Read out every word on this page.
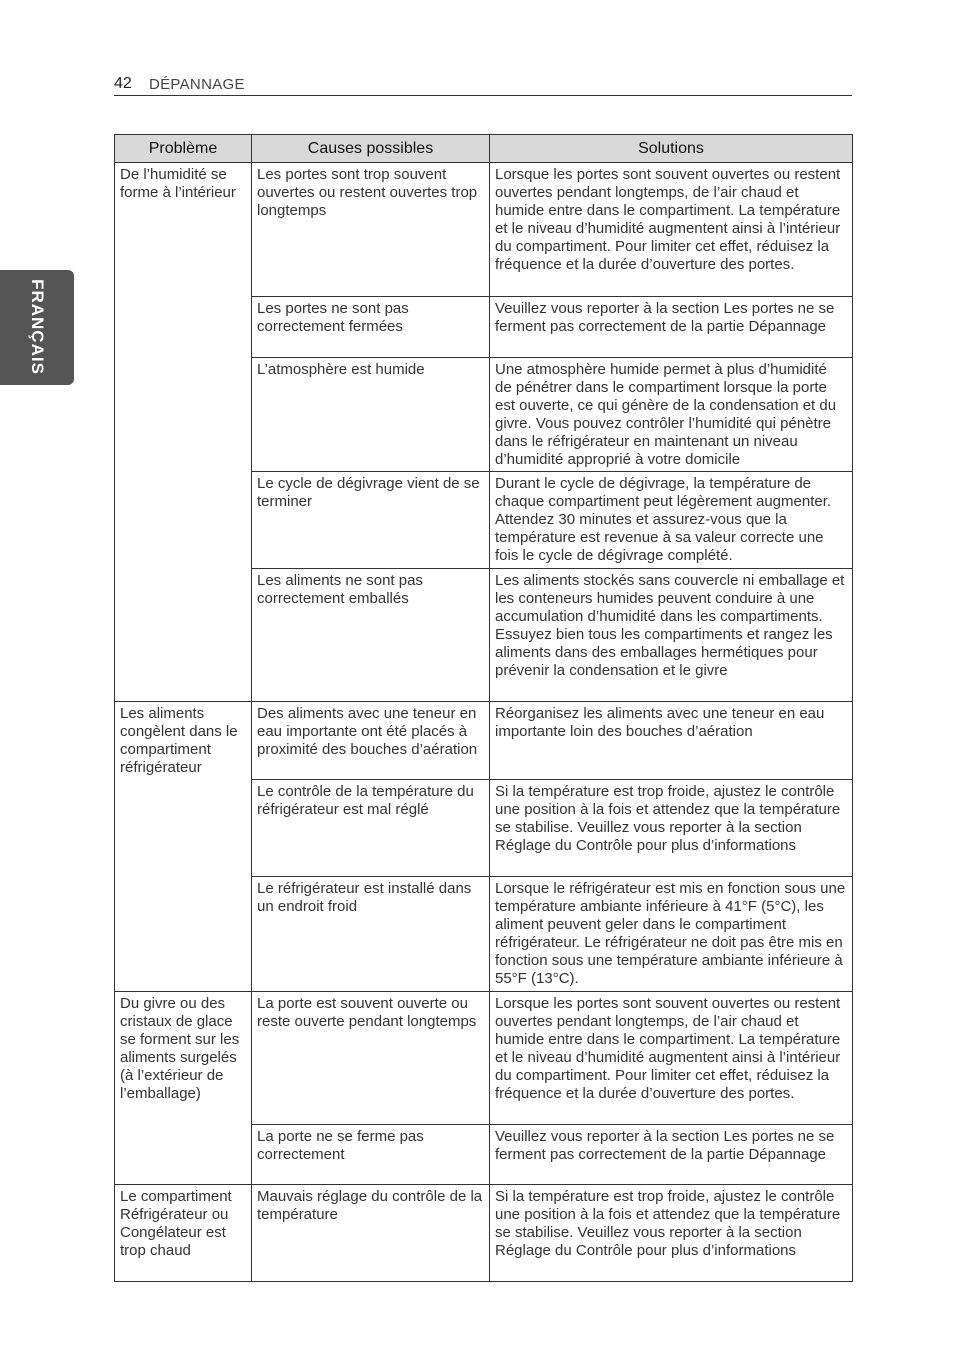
42 DÉPANNAGE
FRANÇAIS
Problème	Causes possibles	Solutions
De l’humidité se forme à l’intérieur	Les portes sont trop souvent ouvertes ou restent ouvertes trop longtemps	Lorsque les portes sont souvent ouvertes ou restent ouvertes pendant longtemps, de l’air chaud et humide entre dans le compartiment. La température et le niveau d’humidité augmentent ainsi à l’intérieur du compartiment. Pour limiter cet effet, réduisez la fréquence et la durée d’ouverture des portes.
	Les portes ne sont pas correctement fermées	Veuillez vous reporter à la section Les portes ne se ferment pas correctement de la partie Dépannage
	L’atmosphère est humide	Une atmosphère humide permet à plus d’humidité de pénétrer dans le compartiment lorsque la porte est ouverte, ce qui génère de la condensation et du givre. Vous pouvez contrôler l’humidité qui pénètre dans le réfrigérateur en maintenant un niveau d’humidité approprié à votre domicile
	Le cycle de dégivrage vient de se terminer	Durant le cycle de dégivrage, la température de chaque compartiment peut légèrement augmenter. Attendez 30 minutes et assurez-vous que la température est revenue à sa valeur correcte une fois le cycle de dégivrage complété.
	Les aliments ne sont pas correctement emballés	Les aliments stockés sans couvercle ni emballage et les conteneurs humides peuvent conduire à une accumulation d’humidité dans les compartiments. Essuyez bien tous les compartiments et rangez les aliments dans des emballages hermétiques pour prévenir la condensation et le givre
Les aliments congèlent dans le compartiment réfrigérateur	Des aliments avec une teneur en eau importante ont été placés à proximité des bouches d’aération	Réorganisez les aliments avec une teneur en eau importante loin des bouches d’aération
	Le contrôle de la température du réfrigérateur est mal réglé	Si la température est trop froide, ajustez le contrôle une position à la fois et attendez que la température se stabilise. Veuillez vous reporter à la section Réglage du Contrôle pour plus d’informations
	Le réfrigérateur est installé dans un endroit froid	Lorsque le réfrigérateur est mis en fonction sous une température ambiante inférieure à 41°F (5°C), les aliment peuvent geler dans le compartiment réfrigérateur. Le réfrigérateur ne doit pas être mis en fonction sous une température ambiante inférieure à 55°F (13°C).
Du givre ou des cristaux de glace se forment sur les aliments surgelés (à l’extérieur de l’emballage)	La porte est souvent ouverte ou reste ouverte pendant longtemps	Lorsque les portes sont souvent ouvertes ou restent ouvertes pendant longtemps, de l’air chaud et humide entre dans le compartiment. La température et le niveau d’humidité augmentent ainsi à l’intérieur du compartiment. Pour limiter cet effet, réduisez la fréquence et la durée d’ouverture des portes.
	La porte ne se ferme pas correctement	Veuillez vous reporter à la section Les portes ne se ferment pas correctement de la partie Dépannage
Le compartiment Réfrigérateur ou Congélateur est trop chaud	Mauvais réglage du contrôle de la température	Si la température est trop froide, ajustez le contrôle une position à la fois et attendez que la température se stabilise. Veuillez vous reporter à la section Réglage du Contrôle pour plus d’informations
